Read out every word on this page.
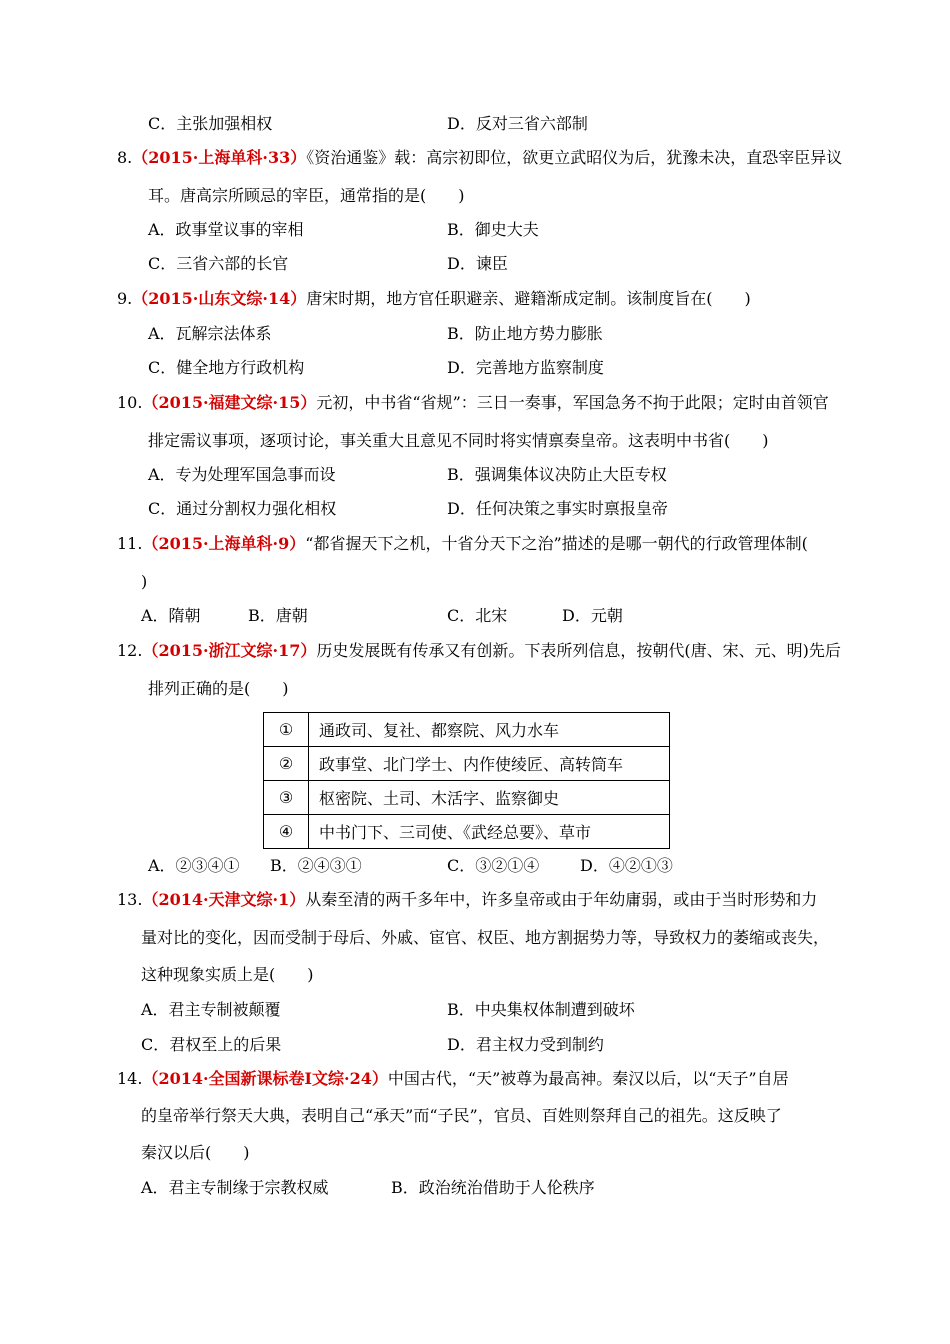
C．主张加强相权	D．反对三省六部制
8.（2015·上海单科·33）《资治通鉴》载：高宗初即位，欲更立武昭仪为后，犹豫未决，直恐宰臣异议
耳。唐高宗所顾忌的宰臣，通常指的是(　　)
A．政事堂议事的宰相	B．御史大夫
C．三省六部的长官	D．谏臣
9.（2015·山东文综·14）唐宋时期，地方官任职避亲、避籍渐成定制。该制度旨在(　　)
A．瓦解宗法体系	B．防止地方势力膨胀
C．健全地方行政机构	D．完善地方监察制度
10.（2015·福建文综·15）元初，中书省“省规”：三日一奏事，军国急务不拘于此限；定时由首领官
排定需议事项，逐项讨论，事关重大且意见不同时将实情禀奏皇帝。这表明中书省(　　)
A．专为处理军国急事而设	B．强调集体议决防止大臣专权
C．通过分割权力强化相权	D．任何决策之事实时禀报皇帝
11.（2015·上海单科·9）“都省握天下之机，十省分天下之治”描述的是哪一朝代的行政管理体制(
)
A．隋朝	B．唐朝	C．北宋	D．元朝
12.（2015·浙江文综·17）历史发展既有传承又有创新。下表所列信息，按朝代(唐、宋、元、明)先后
排列正确的是(　　)
①	通政司、复社、都察院、风力水车
②	政事堂、北门学士、内作使绫匠、高转筒车
③	枢密院、土司、木活字、监察御史
④	中书门下、三司使、《武经总要》、草市
A．②③④① B．②④③①	C．③②①④	D．④②①③
13.（2014·天津文综·1）从秦至清的两千多年中，许多皇帝或由于年幼庸弱，或由于当时形势和力
量对比的变化，因而受制于母后、外戚、宦官、权臣、地方割据势力等，导致权力的萎缩或丧失，
这种现象实质上是(　　)
A．君主专制被颠覆	B．中央集权体制遭到破坏
C．君权至上的后果	D．君主权力受到制约
14.（2014·全国新课标卷Ⅰ文综·24）中国古代，“天”被尊为最高神。秦汉以后，以“天子”自居
的皇帝举行祭天大典，表明自己“承天”而“子民”，官员、百姓则祭拜自己的祖先。这反映了
秦汉以后(　　)
A．君主专制缘于宗教权威	B．政治统治借助于人伦秩序
